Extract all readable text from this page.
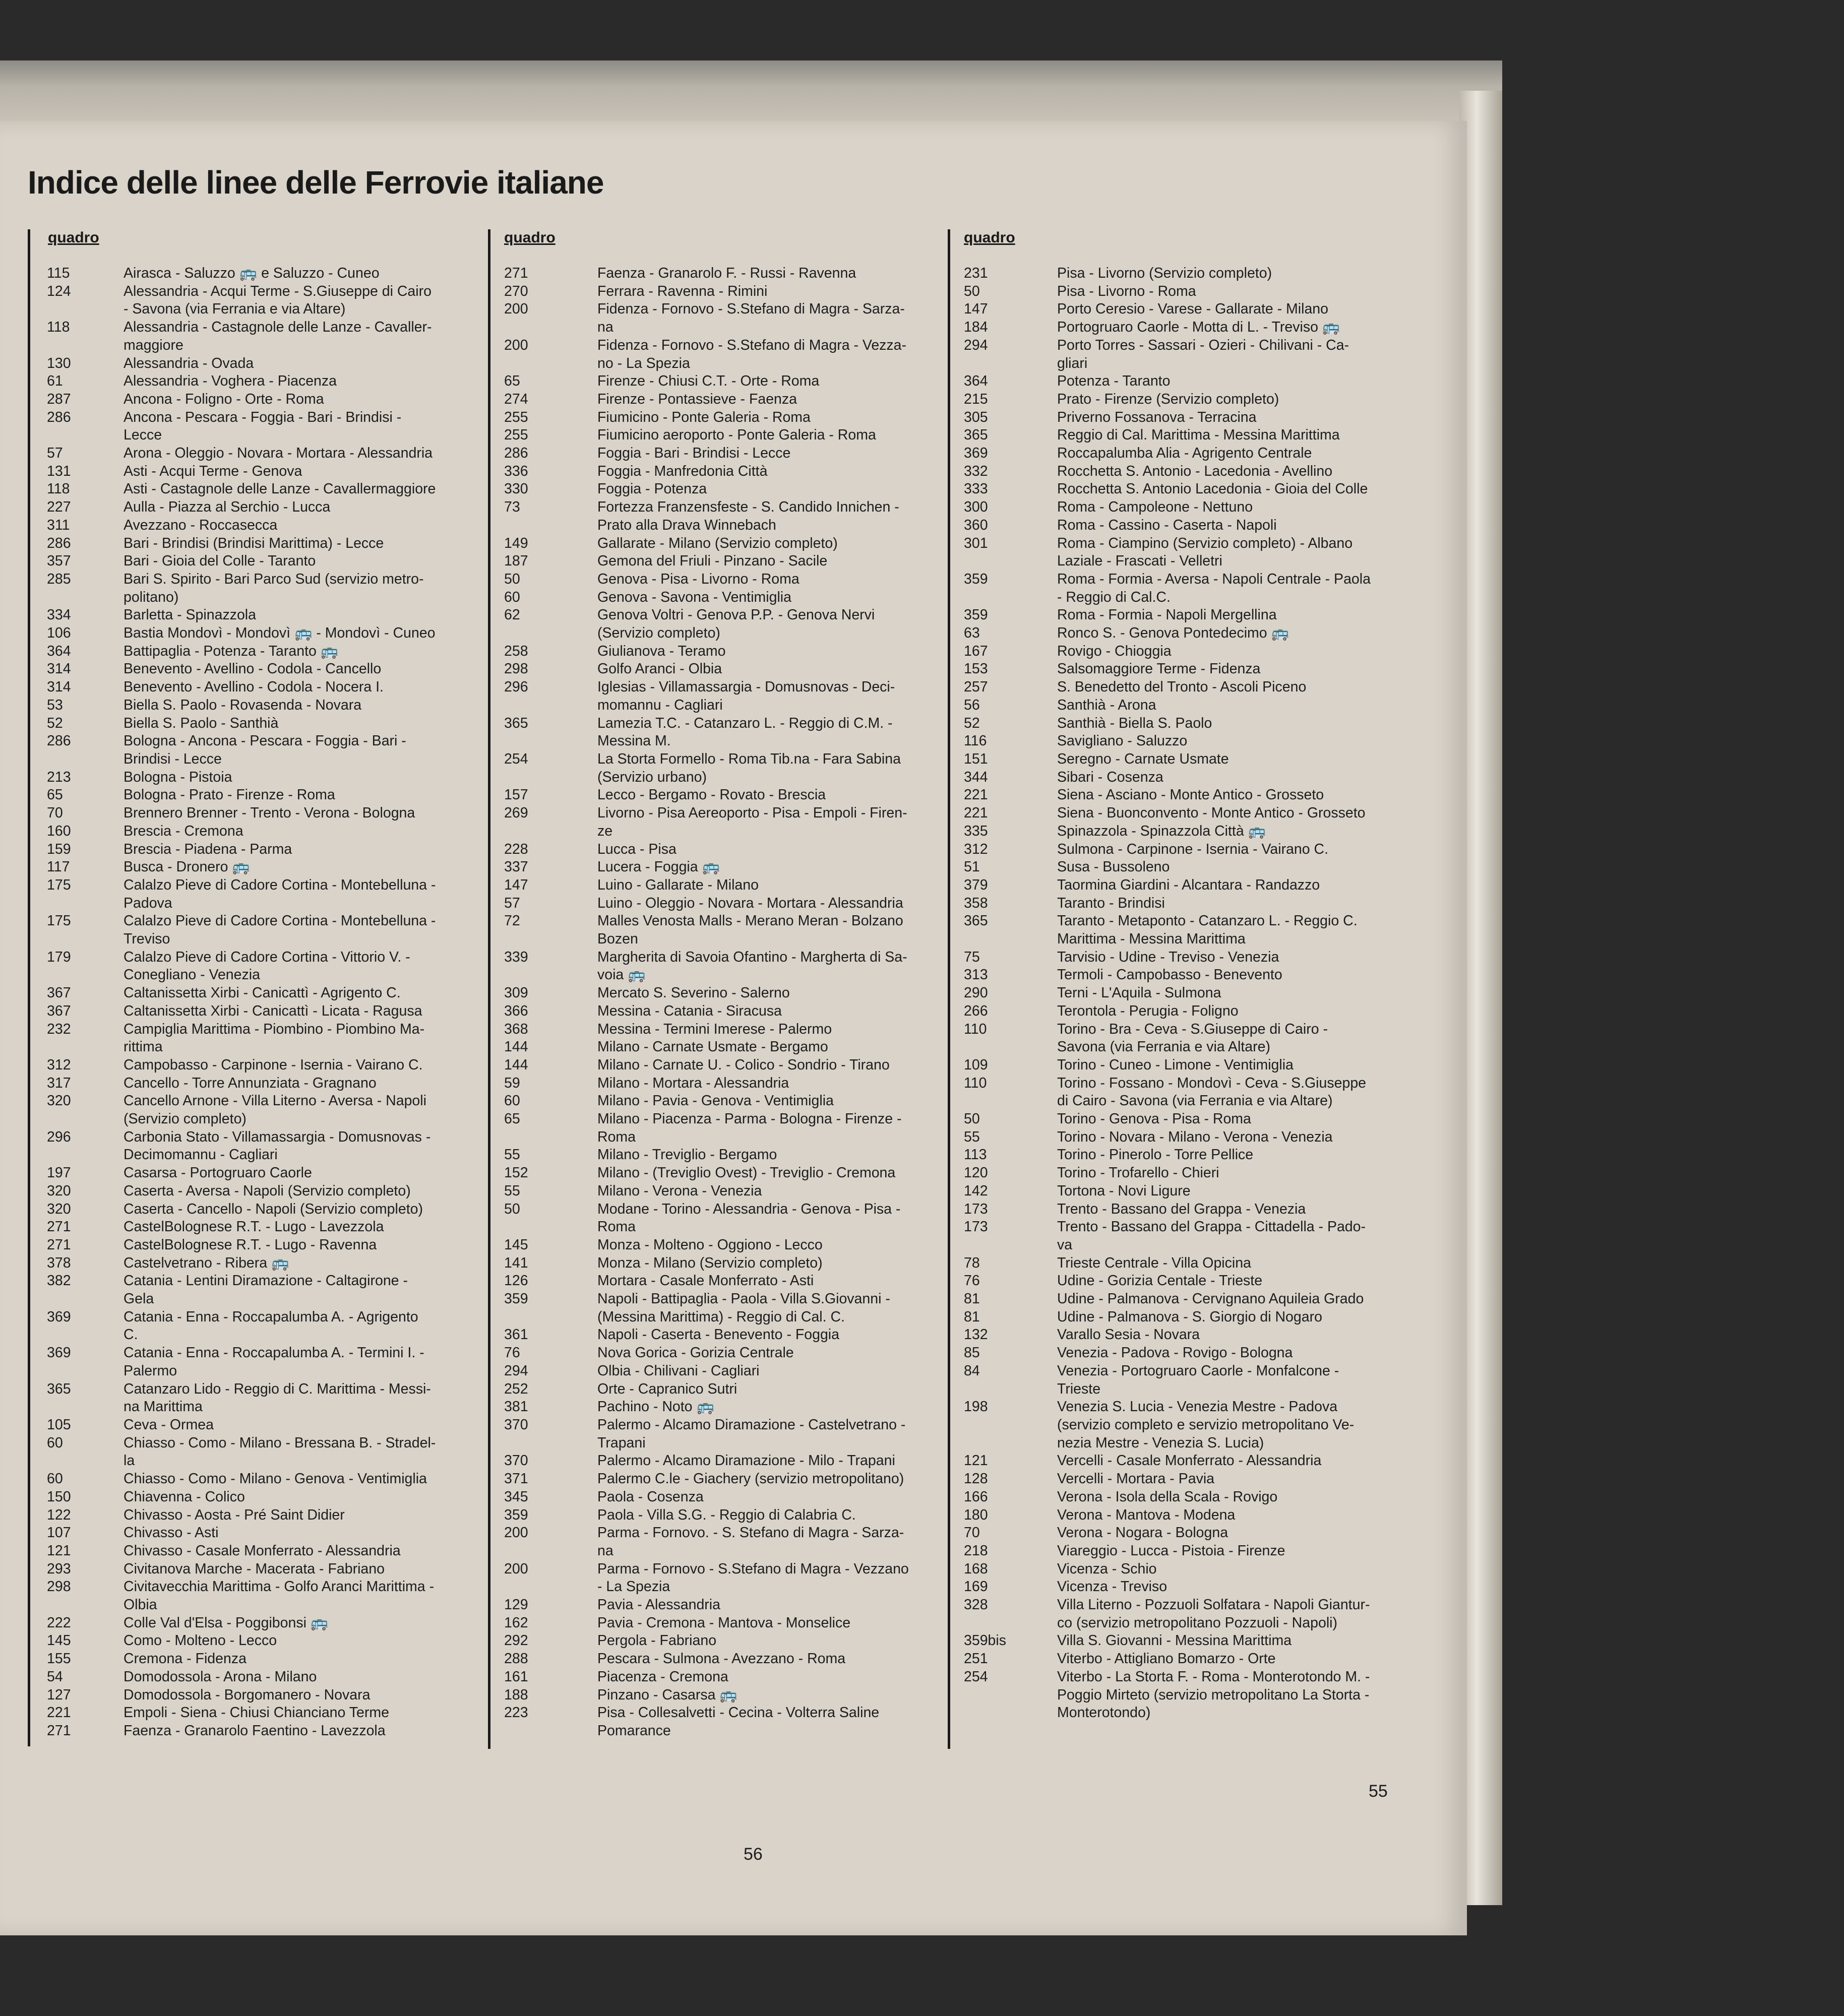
Indice delle linee delle Ferrovie italiane
quadro
115	Airasca - Saluzzo 🚌 e Saluzzo - Cuneo
124	Alessandria - Acqui Terme - S.Giuseppe di Cairo
- Savona (via Ferrania e via Altare)
118	Alessandria - Castagnole delle Lanze - Cavaller-
maggiore
130	Alessandria - Ovada
61	Alessandria - Voghera - Piacenza
287	Ancona - Foligno - Orte - Roma
286	Ancona - Pescara - Foggia - Bari - Brindisi -
Lecce
57	Arona - Oleggio - Novara - Mortara - Alessandria
131	Asti - Acqui Terme - Genova
118	Asti - Castagnole delle Lanze - Cavallermaggiore
227	Aulla - Piazza al Serchio - Lucca
311	Avezzano - Roccasecca
286	Bari - Brindisi (Brindisi Marittima) - Lecce
357	Bari - Gioia del Colle - Taranto
285	Bari S. Spirito - Bari Parco Sud (servizio metro-
politano)
334	Barletta - Spinazzola
106	Bastia Mondovì - Mondovì 🚌 - Mondovì - Cuneo
364	Battipaglia - Potenza - Taranto 🚌
314	Benevento - Avellino - Codola - Cancello
314	Benevento - Avellino - Codola - Nocera I.
53	Biella S. Paolo - Rovasenda - Novara
52	Biella S. Paolo - Santhià
286	Bologna - Ancona - Pescara - Foggia - Bari -
Brindisi - Lecce
213	Bologna - Pistoia
65	Bologna - Prato - Firenze - Roma
70	Brennero Brenner - Trento - Verona - Bologna
160	Brescia - Cremona
159	Brescia - Piadena - Parma
117	Busca - Dronero 🚌
175	Calalzo Pieve di Cadore Cortina - Montebelluna -
Padova
175	Calalzo Pieve di Cadore Cortina - Montebelluna -
Treviso
179	Calalzo Pieve di Cadore Cortina - Vittorio V. -
Conegliano - Venezia
367	Caltanissetta Xirbi - Canicattì - Agrigento C.
367	Caltanissetta Xirbi - Canicattì - Licata - Ragusa
232	Campiglia Marittima - Piombino - Piombino Ma-
rittima
312	Campobasso - Carpinone - Isernia - Vairano C.
317	Cancello - Torre Annunziata - Gragnano
320	Cancello Arnone - Villa Literno - Aversa - Napoli
(Servizio completo)
296	Carbonia Stato - Villamassargia - Domusnovas -
Decimomannu - Cagliari
197	Casarsa - Portogruaro Caorle
320	Caserta - Aversa - Napoli (Servizio completo)
320	Caserta - Cancello - Napoli (Servizio completo)
271	CastelBolognese R.T. - Lugo - Lavezzola
271	CastelBolognese R.T. - Lugo - Ravenna
378	Castelvetrano - Ribera 🚌
382	Catania - Lentini Diramazione - Caltagirone -
Gela
369	Catania - Enna - Roccapalumba A. - Agrigento
C.
369	Catania - Enna - Roccapalumba A. - Termini I. -
Palermo
365	Catanzaro Lido - Reggio di C. Marittima - Messi-
na Marittima
105	Ceva - Ormea
60	Chiasso - Como - Milano - Bressana B. - Stradel-
la
60	Chiasso - Como - Milano - Genova - Ventimiglia
150	Chiavenna - Colico
122	Chivasso - Aosta - Pré Saint Didier
107	Chivasso - Asti
121	Chivasso - Casale Monferrato - Alessandria
293	Civitanova Marche - Macerata - Fabriano
298	Civitavecchia Marittima - Golfo Aranci Marittima -
Olbia
222	Colle Val d'Elsa - Poggibonsi 🚌
145	Como - Molteno - Lecco
155	Cremona - Fidenza
54	Domodossola - Arona - Milano
127	Domodossola - Borgomanero - Novara
221	Empoli - Siena - Chiusi Chianciano Terme
271	Faenza - Granarolo Faentino - Lavezzola
quadro
271	Faenza - Granarolo F. - Russi - Ravenna
270	Ferrara - Ravenna - Rimini
200	Fidenza - Fornovo - S.Stefano di Magra - Sarza-
na
200	Fidenza - Fornovo - S.Stefano di Magra - Vezza-
no - La Spezia
65	Firenze - Chiusi C.T. - Orte - Roma
274	Firenze - Pontassieve - Faenza
255	Fiumicino - Ponte Galeria - Roma
255	Fiumicino aeroporto - Ponte Galeria - Roma
286	Foggia - Bari - Brindisi - Lecce
336	Foggia - Manfredonia Città
330	Foggia - Potenza
73	Fortezza Franzensfeste - S. Candido Innichen -
Prato alla Drava Winnebach
149	Gallarate - Milano (Servizio completo)
187	Gemona del Friuli - Pinzano - Sacile
50	Genova - Pisa - Livorno - Roma
60	Genova - Savona - Ventimiglia
62	Genova Voltri - Genova P.P. - Genova Nervi
(Servizio completo)
258	Giulianova - Teramo
298	Golfo Aranci - Olbia
296	Iglesias - Villamassargia - Domusnovas - Deci-
momannu - Cagliari
365	Lamezia T.C. - Catanzaro L. - Reggio di C.M. -
Messina M.
254	La Storta Formello - Roma Tib.na - Fara Sabina
(Servizio urbano)
157	Lecco - Bergamo - Rovato - Brescia
269	Livorno - Pisa Aereoporto - Pisa - Empoli - Firen-
ze
228	Lucca - Pisa
337	Lucera - Foggia 🚌
147	Luino - Gallarate - Milano
57	Luino - Oleggio - Novara - Mortara - Alessandria
72	Malles Venosta Malls - Merano Meran - Bolzano
Bozen
339	Margherita di Savoia Ofantino - Margherta di Sa-
voia 🚌
309	Mercato S. Severino - Salerno
366	Messina - Catania - Siracusa
368	Messina - Termini Imerese - Palermo
144	Milano - Carnate Usmate - Bergamo
144	Milano - Carnate U. - Colico - Sondrio - Tirano
59	Milano - Mortara - Alessandria
60	Milano - Pavia - Genova - Ventimiglia
65	Milano - Piacenza - Parma - Bologna - Firenze -
Roma
55	Milano - Treviglio - Bergamo
152	Milano - (Treviglio Ovest) - Treviglio - Cremona
55	Milano - Verona - Venezia
50	Modane - Torino - Alessandria - Genova - Pisa -
Roma
145	Monza - Molteno - Oggiono - Lecco
141	Monza - Milano (Servizio completo)
126	Mortara - Casale Monferrato - Asti
359	Napoli - Battipaglia - Paola - Villa S.Giovanni -
(Messina Marittima) - Reggio di Cal. C.
361	Napoli - Caserta - Benevento - Foggia
76	Nova Gorica - Gorizia Centrale
294	Olbia - Chilivani - Cagliari
252	Orte - Capranico Sutri
381	Pachino - Noto 🚌
370	Palermo - Alcamo Diramazione - Castelvetrano -
Trapani
370	Palermo - Alcamo Diramazione - Milo - Trapani
371	Palermo C.le - Giachery (servizio metropolitano)
345	Paola - Cosenza
359	Paola - Villa S.G. - Reggio di Calabria C.
200	Parma - Fornovo. - S. Stefano di Magra - Sarza-
na
200	Parma - Fornovo - S.Stefano di Magra - Vezzano
- La Spezia
129	Pavia - Alessandria
162	Pavia - Cremona - Mantova - Monselice
292	Pergola - Fabriano
288	Pescara - Sulmona - Avezzano - Roma
161	Piacenza - Cremona
188	Pinzano - Casarsa 🚌
223	Pisa - Collesalvetti - Cecina - Volterra Saline
Pomarance
quadro
231	Pisa - Livorno (Servizio completo)
50	Pisa - Livorno - Roma
147	Porto Ceresio - Varese - Gallarate - Milano
184	Portogruaro Caorle - Motta di L. - Treviso 🚌
294	Porto Torres - Sassari - Ozieri - Chilivani - Ca-
gliari
364	Potenza - Taranto
215	Prato - Firenze (Servizio completo)
305	Priverno Fossanova - Terracina
365	Reggio di Cal. Marittima - Messina Marittima
369	Roccapalumba Alia - Agrigento Centrale
332	Rocchetta S. Antonio - Lacedonia - Avellino
333	Rocchetta S. Antonio Lacedonia - Gioia del Colle
300	Roma - Campoleone - Nettuno
360	Roma - Cassino - Caserta - Napoli
301	Roma - Ciampino (Servizio completo) - Albano
Laziale - Frascati - Velletri
359	Roma - Formia - Aversa - Napoli Centrale - Paola
- Reggio di Cal.C.
359	Roma - Formia - Napoli Mergellina
63	Ronco S. - Genova Pontedecimo 🚌
167	Rovigo - Chioggia
153	Salsomaggiore Terme - Fidenza
257	S. Benedetto del Tronto - Ascoli Piceno
56	Santhià - Arona
52	Santhià - Biella S. Paolo
116	Savigliano - Saluzzo
151	Seregno - Carnate Usmate
344	Sibari - Cosenza
221	Siena - Asciano - Monte Antico - Grosseto
221	Siena - Buonconvento - Monte Antico - Grosseto
335	Spinazzola - Spinazzola Città 🚌
312	Sulmona - Carpinone - Isernia - Vairano C.
51	Susa - Bussoleno
379	Taormina Giardini - Alcantara - Randazzo
358	Taranto - Brindisi
365	Taranto - Metaponto - Catanzaro L. - Reggio C.
Marittima - Messina Marittima
75	Tarvisio - Udine - Treviso - Venezia
313	Termoli - Campobasso - Benevento
290	Terni - L'Aquila - Sulmona
266	Terontola - Perugia - Foligno
110	Torino - Bra - Ceva - S.Giuseppe di Cairo -
Savona (via Ferrania e via Altare)
109	Torino - Cuneo - Limone - Ventimiglia
110	Torino - Fossano - Mondovì - Ceva - S.Giuseppe
di Cairo - Savona (via Ferrania e via Altare)
50	Torino - Genova - Pisa - Roma
55	Torino - Novara - Milano - Verona - Venezia
113	Torino - Pinerolo - Torre Pellice
120	Torino - Trofarello - Chieri
142	Tortona - Novi Ligure
173	Trento - Bassano del Grappa - Venezia
173	Trento - Bassano del Grappa - Cittadella - Pado-
va
78	Trieste Centrale - Villa Opicina
76	Udine - Gorizia Centale - Trieste
81	Udine - Palmanova - Cervignano Aquileia Grado
81	Udine - Palmanova - S. Giorgio di Nogaro
132	Varallo Sesia - Novara
85	Venezia - Padova - Rovigo - Bologna
84	Venezia - Portogruaro Caorle - Monfalcone -
Trieste
198	Venezia S. Lucia - Venezia Mestre - Padova
(servizio completo e servizio metropolitano Ve-
nezia Mestre - Venezia S. Lucia)
121	Vercelli - Casale Monferrato - Alessandria
128	Vercelli - Mortara - Pavia
166	Verona - Isola della Scala - Rovigo
180	Verona - Mantova - Modena
70	Verona - Nogara - Bologna
218	Viareggio - Lucca - Pistoia - Firenze
168	Vicenza - Schio
169	Vicenza - Treviso
328	Villa Literno - Pozzuoli Solfatara - Napoli Giantur-
co (servizio metropolitano Pozzuoli - Napoli)
359bis	Villa S. Giovanni - Messina Marittima
251	Viterbo - Attigliano Bomarzo - Orte
254	Viterbo - La Storta F. - Roma - Monterotondo M. -
Poggio Mirteto (servizio metropolitano La Storta -
Monterotondo)
56
55
